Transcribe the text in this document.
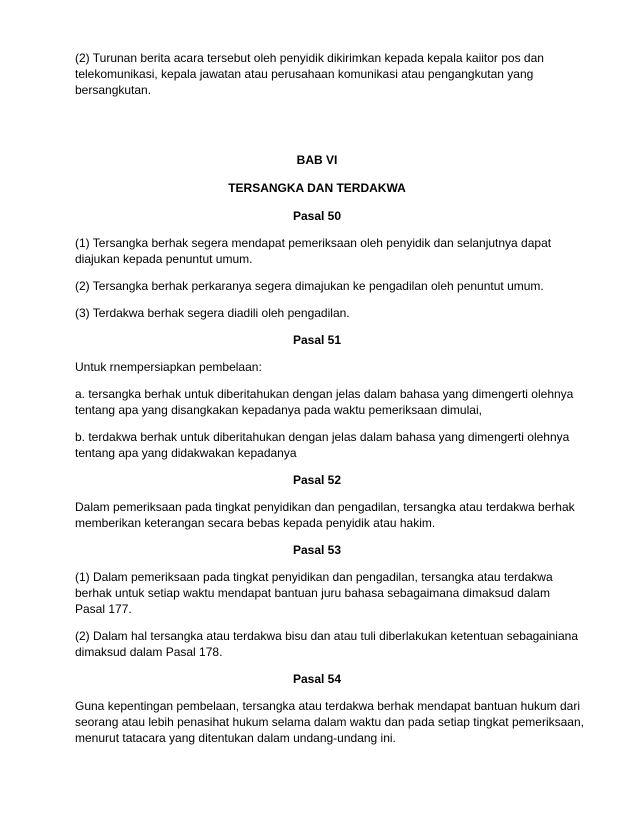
(2) Turunan berita acara tersebut oleh penyidik dikirimkan kepada kepala kaiitor pos dan
telekomunikasi, kepala jawatan atau perusahaan komunikasi atau pengangkutan yang
bersangkutan.
BAB VI
TERSANGKA DAN TERDAKWA
Pasal 50
(1) Tersangka berhak segera mendapat pemeriksaan oleh penyidik dan selanjutnya dapat
diajukan kepada penuntut umum.
(2) Tersangka berhak perkaranya segera dimajukan ke pengadilan oleh penuntut umum.
(3) Terdakwa berhak segera diadili oleh pengadilan.
Pasal 51
Untuk rnempersiapkan pembelaan:
a. tersangka berhak untuk diberitahukan dengan jelas dalam bahasa yang dimengerti olehnya
tentang apa yang disangkakan kepadanya pada waktu pemeriksaan dimulai,
b. terdakwa berhak untuk diberitahukan dengan jelas dalam bahasa yang dimengerti olehnya
tentang apa yang didakwakan kepadanya
Pasal 52
Dalam pemeriksaan pada tingkat penyidikan dan pengadilan, tersangka atau terdakwa berhak
memberikan keterangan secara bebas kepada penyidik atau hakim.
Pasal 53
(1) Dalam pemeriksaan pada tingkat penyidikan dan pengadilan, tersangka atau terdakwa
berhak untuk setiap waktu mendapat bantuan juru bahasa sebagaimana dimaksud dalam
Pasal 177.
(2) Dalam hal tersangka atau terdakwa bisu dan atau tuli diberlakukan ketentuan sebagainiana
dimaksud dalam Pasal 178.
Pasal 54
Guna kepentingan pembelaan, tersangka atau terdakwa berhak mendapat bantuan hukum dari
seorang atau lebih penasihat hukum selama dalam waktu dan pada setiap tingkat pemeriksaan,
menurut tatacara yang ditentukan dalam undang-undang ini.
